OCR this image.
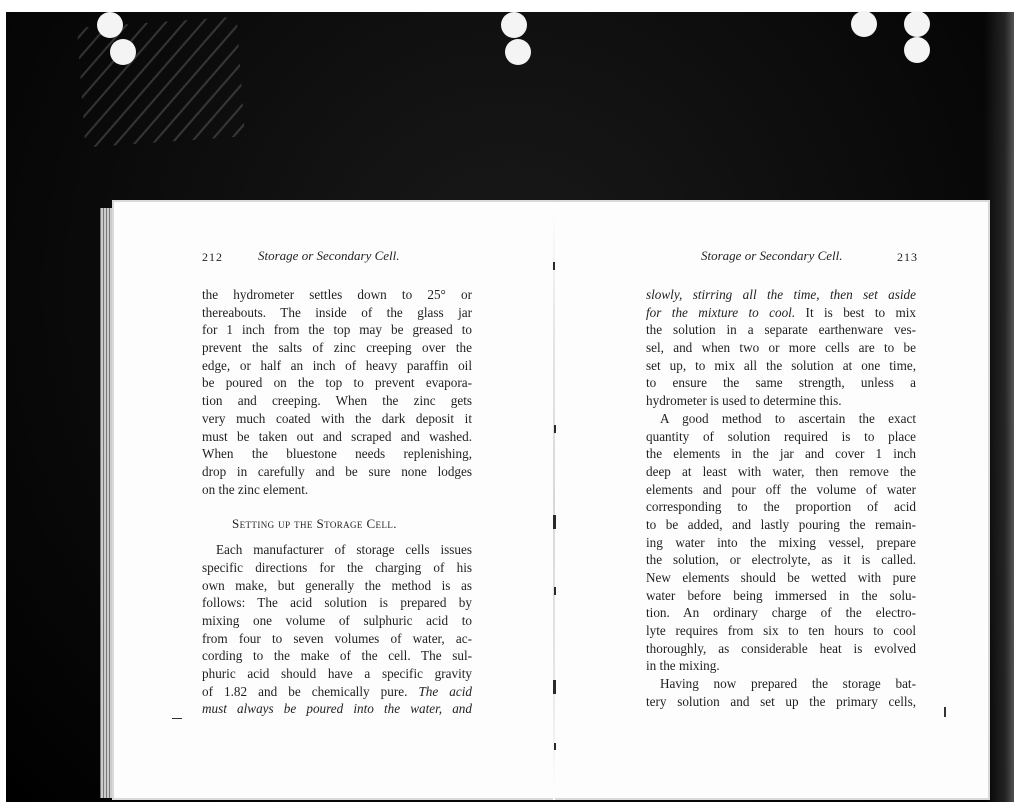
212	Storage or Secondary Cell.
the hydrometer settles down to 25° or
thereabouts. The inside of the glass jar
for 1 inch from the top may be greased to
prevent the salts of zinc creeping over the
edge, or half an inch of heavy paraffin oil
be poured on the top to prevent evapora-
tion and creeping. When the zinc gets
very much coated with the dark deposit it
must be taken out and scraped and washed.
When the bluestone needs replenishing,
drop in carefully and be sure none lodges
on the zinc element.
Setting up the Storage Cell.
Each manufacturer of storage cells issues
specific directions for the charging of his
own make, but generally the method is as
follows: The acid solution is prepared by
mixing one volume of sulphuric acid to
from four to seven volumes of water, ac-
cording to the make of the cell. The sul-
phuric acid should have a specific gravity
of 1.82 and be chemically pure. The acid
must always be poured into the water, and
Storage or Secondary Cell.	213
slowly, stirring all the time, then set aside
for the mixture to cool. It is best to mix
the solution in a separate earthenware ves-
sel, and when two or more cells are to be
set up, to mix all the solution at one time,
to ensure the same strength, unless a
hydrometer is used to determine this.
A good method to ascertain the exact
quantity of solution required is to place
the elements in the jar and cover 1 inch
deep at least with water, then remove the
elements and pour off the volume of water
corresponding to the proportion of acid
to be added, and lastly pouring the remain-
ing water into the mixing vessel, prepare
the solution, or electrolyte, as it is called.
New elements should be wetted with pure
water before being immersed in the solu-
tion. An ordinary charge of the electro-
lyte requires from six to ten hours to cool
thoroughly, as considerable heat is evolved
in the mixing.
Having now prepared the storage bat-
tery solution and set up the primary cells,
